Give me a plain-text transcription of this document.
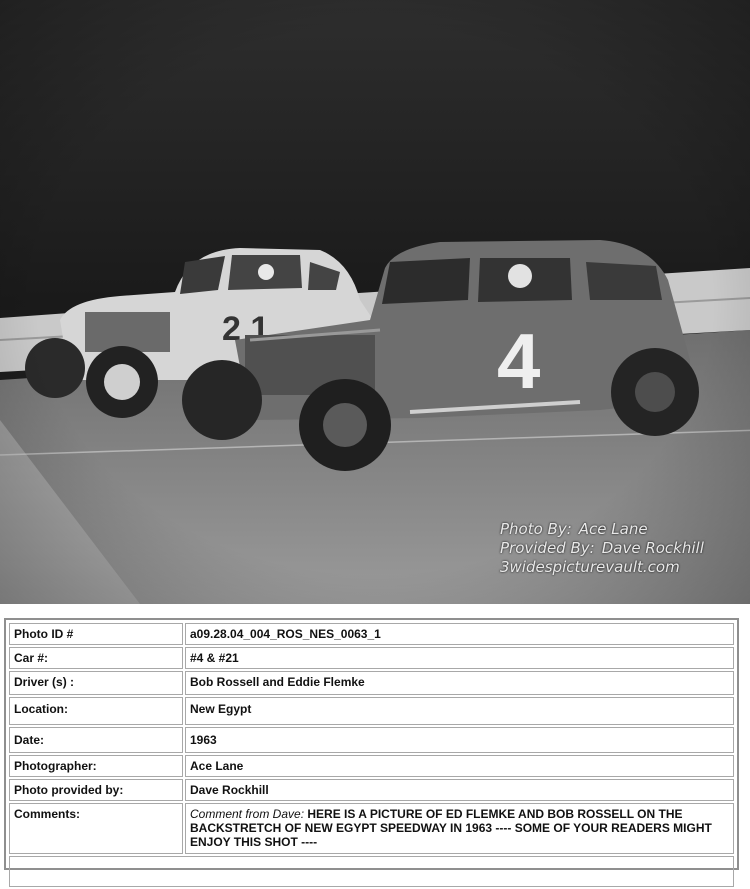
Photo By: Ace Lane
Provided By: Dave Rockhill
3widespicturevault.com
Photo ID #	a09.28.04_004_ROS_NES_0063_1
Car #:	#4 & #21
Driver (s) :	Bob Rossell and Eddie Flemke
Location:	New Egypt
Date:	1963
Photographer:	Ace Lane
Photo provided by:	Dave Rockhill
Comments:	Comment from Dave: HERE IS A PICTURE OF ED FLEMKE AND BOB ROSSELL ON THE BACKSTRETCH OF NEW EGYPT SPEEDWAY IN 1963 ---- SOME OF YOUR READERS MIGHT ENJOY THIS SHOT ----
